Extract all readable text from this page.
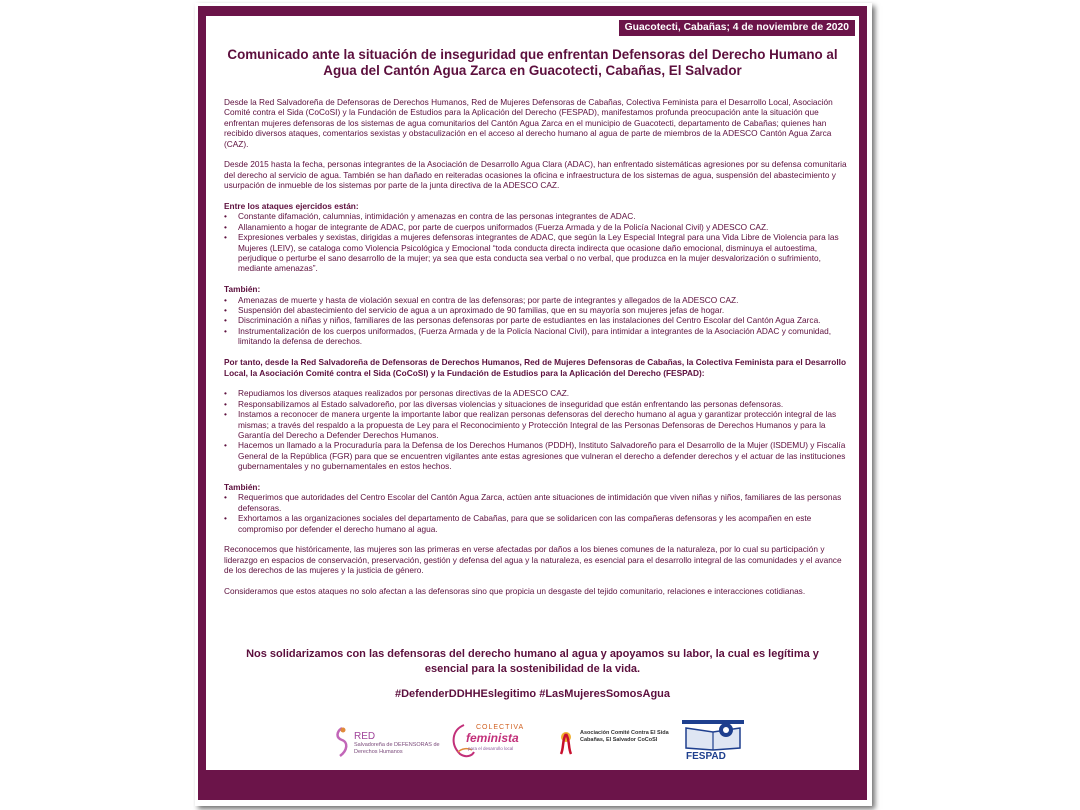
Guacotecti, Cabañas; 4 de noviembre de 2020
Comunicado ante la situación de inseguridad que enfrentan Defensoras del Derecho Humano al Agua del Cantón Agua Zarca en Guacotecti, Cabañas, El Salvador

Desde la Red Salvadoreña de Defensoras de Derechos Humanos, Red de Mujeres Defensoras de Cabañas, Colectiva Feminista para el Desarrollo Local, Asociación Comité contra el Sida (CoCoSI) y la Fundación de Estudios para la Aplicación del Derecho (FESPAD), manifestamos profunda preocupación ante la situación que enfrentan mujeres defensoras de los sistemas de agua comunitarios del Cantón Agua Zarca en el municipio de Guacotecti, departamento de Cabañas; quienes han recibido diversos ataques, comentarios sexistas y obstaculización en el acceso al derecho humano al agua de parte de miembros de la ADESCO Cantón Agua Zarca (CAZ).

Desde 2015 hasta la fecha, personas integrantes de la Asociación de Desarrollo Agua Clara (ADAC), han enfrentado sistemáticas agresiones por su defensa comunitaria del derecho al servicio de agua. También se han dañado en reiteradas ocasiones la oficina e infraestructura de los sistemas de agua, suspensión del abastecimiento y usurpación de inmueble de los sistemas por parte de la junta directiva de la ADESCO CAZ.

Entre los ataques ejercidos están:

• Constante difamación, calumnias, intimidación y amenazas en contra de las personas integrantes de ADAC.
• Allanamiento a hogar de integrante de ADAC, por parte de cuerpos uniformados (Fuerza Armada y de la Policía Nacional Civil) y ADESCO CAZ.
• Expresiones verbales y sexistas, dirigidas a mujeres defensoras integrantes de ADAC, que según la Ley Especial Integral para una Vida Libre de Violencia para las Mujeres (LEIV), se cataloga como Violencia Psicológica y Emocional “toda conducta directa indirecta que ocasione daño emocional, disminuya el autoestima, perjudique o perturbe el sano desarrollo de la mujer; ya sea que esta conducta sea verbal o no verbal, que produzca en la mujer desvalorización o sufrimiento, mediante amenazas”.

También:

• Amenazas de muerte y hasta de violación sexual en contra de las defensoras; por parte de integrantes y allegados de la ADESCO CAZ.
• Suspensión del abastecimiento del servicio de agua a un aproximado de 90 familias, que en su mayoría son mujeres jefas de hogar.
• Discriminación a niñas y niños, familiares de las personas defensoras por parte de estudiantes en las instalaciones del Centro Escolar del Cantón Agua Zarca.
• Instrumentalización de los cuerpos uniformados, (Fuerza Armada y de la Policía Nacional Civil), para intimidar a integrantes de la Asociación ADAC y comunidad, limitando la defensa de derechos.

Por tanto, desde la Red Salvadoreña de Defensoras de Derechos Humanos, Red de Mujeres Defensoras de Cabañas, la Colectiva Feminista para el Desarrollo Local, la Asociación Comité contra el Sida (CoCoSI) y la Fundación de Estudios para la Aplicación del Derecho (FESPAD):

• Repudiamos los diversos ataques realizados por personas directivas de la ADESCO CAZ.
• Responsabilizamos al Estado salvadoreño, por las diversas violencias y situaciones de inseguridad que están enfrentando las personas defensoras.
• Instamos a reconocer de manera urgente la importante labor que realizan personas defensoras del derecho humano al agua y garantizar protección integral de las mismas; a través del respaldo a la propuesta de Ley para el Reconocimiento y Protección Integral de las Personas Defensoras de Derechos Humanos y para la Garantía del Derecho a Defender Derechos Humanos.
• Hacemos un llamado a la Procuraduría para la Defensa de los Derechos Humanos (PDDH), Instituto Salvadoreño para el Desarrollo de la Mujer (ISDEMU) y Fiscalía General de la República (FGR) para que se encuentren vigilantes ante estas agresiones que vulneran el derecho a defender derechos y el actuar de las instituciones gubernamentales y no gubernamentales en estos hechos.

También:

• Requerimos que autoridades del Centro Escolar del Cantón Agua Zarca, actúen ante situaciones de intimidación que viven niñas y niños, familiares de las personas defensoras.
• Exhortamos a las organizaciones sociales del departamento de Cabañas, para que se solidaricen con las compañeras defensoras y les acompañen en este compromiso por defender el derecho humano al agua.

Reconocemos que históricamente, las mujeres son las primeras en verse afectadas por daños a los bienes comunes de la naturaleza, por lo cual su participación y liderazgo en espacios de conservación, preservación, gestión y defensa del agua y la naturaleza, es esencial para el desarrollo integral de las comunidades y el avance de los derechos de las mujeres y la justicia de género.

Consideramos que estos ataques no solo afectan a las defensoras sino que propicia un desgaste del tejido comunitario, relaciones e interacciones cotidianas.

Nos solidarizamos con las defensoras del derecho humano al agua y apoyamos su labor, la cual es legítima y esencial para la sostenibilidad de la vida.
#DefenderDDHHEslegitimo #LasMujeresSomosAgua
RED
Salvadoreña de DEFENSORAS de Derechos Humanos
COLECTIVA
feminista
para el desarrollo local
Asociación Comité Contra El Sida Cabañas, El Salvador CoCoSI
FESPAD
